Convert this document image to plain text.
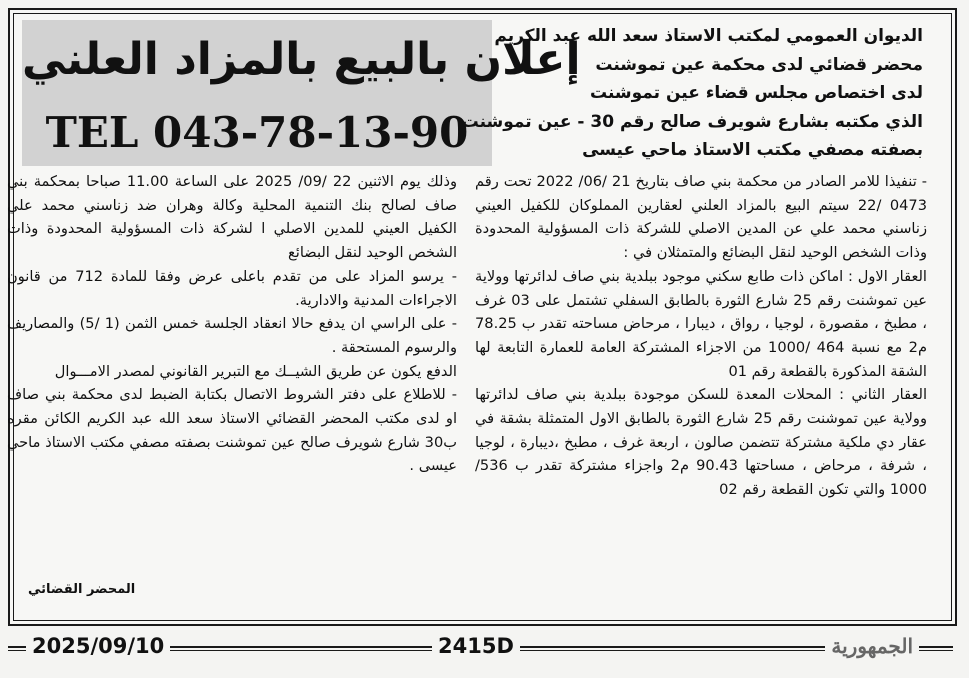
إعلان بالبيع بالمزاد العلني
TEL 043-78-13-90
الديوان العمومي لمكتب الاستاذ سعد الله عبد الكريم
محضر قضائي لدى محكمة عين تموشنت
لدى اختصاص مجلس قضاء عين تموشنت
الذي مكتبه بشارع شويرف صالح رقم 30 - عين تموشنت
بصفته مصفي مكتب الاستاذ ماحي عيسى

- تنفيذا للامر الصادر من محكمة بني صاف بتاريخ 21 /06/ 2022 تحت رقم 0473 /22 سيتم البيع بالمزاد العلني لعقارين المملوكان للكفيل العيني زناسني محمد علي عن المدين الاصلي للشركة ذات المسؤولية المحدودة وذات الشخص الوحيد لنقل البضائع والمتمثلان في :

العقار الاول : اماكن ذات طابع سكني موجود ببلدية بني صاف لدائرتها وولاية عين تموشنت رقم 25 شارع الثورة بالطابق السفلي تشتمل على 03 غرف ، مطبخ ، مقصورة ، لوجيا ، رواق ، ديبارا ، مرحاض مساحته تقدر ب 78.25 م2 مع نسبة 464 /1000 من الاجزاء المشتركة العامة للعمارة التابعة لها الشقة المذكورة بالقطعة رقم 01

العقار الثاني : المحلات المعدة للسكن موجودة ببلدية بني صاف لدائرتها وولاية عين تموشنت رقم 25 شارع الثورة بالطابق الاول المتمثلة بشقة في عقار دي ملكية مشتركة تتضمن صالون ، اربعة غرف ، مطبخ ،ديبارة ، لوجيا ، شرفة ، مرحاض ، مساحتها 90.43 م2 واجزاء مشتركة تقدر ب 536/ 1000 والتي تكون القطعة رقم 02

وذلك يوم الاثنين 22 /09/ 2025 على الساعة 11.00 صباحا بمحكمة بني صاف لصالح بنك التنمية المحلية وكالة وهران ضد زناسني محمد علي الكفيل العيني للمدين الاصلي ا لشركة ذات المسؤولية المحدودة وذات الشخص الوحيد لنقل البضائع

- يرسو المزاد على من تقدم باعلى عرض وفقا للمادة 712 من قانون الاجراءات المدنية والادارية.

- على الراسي ان يدفع حالا انعقاد الجلسة خمس الثمن (1 /5) والمصاريف والرسوم المستحقة .

الدفع يكون عن طريق الشيــك مع التبرير القانوني لمصدر الامـــوال

- للاطلاع على دفتر الشروط الاتصال بكتابة الضبط لدى محكمة بني صاف او لدى مكتب المحضر القضائي الاستاذ سعد الله عبد الكريم الكائن مقره ب30 شارع شويرف صالح عين تموشنت بصفته مصفي مكتب الاستاذ ماحي عيسى .

المحضر القضائي
2025/09/10	2415D	الجمهورية
